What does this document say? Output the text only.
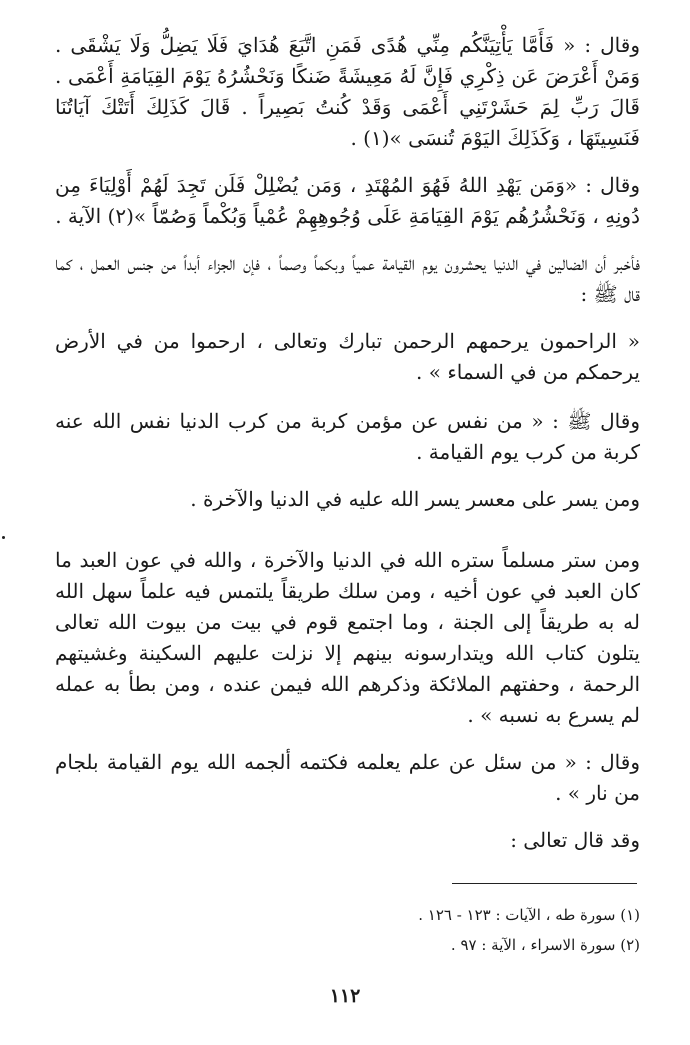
وقال : « فَأَمَّا يَأْتِيَنَّكُم مِنِّي هُدًى فَمَنِ اتَّبَعَ هُدَايَ فَلَا يَضِلُّ وَلَا يَشْقَى . وَمَنْ أَعْرَضَ عَن ذِكْرِي فَإِنَّ لَهُ مَعِيشَةً ضَنكًا وَنَحْشُرُهُ يَوْمَ القِيَامَةِ أَعْمَى . قَالَ رَبِّ لِمَ حَشَرْتَنِي أَعْمَى وَقَدْ كُنتُ بَصِيراً . قَالَ كَذَلِكَ أَتَتْكَ آيَاتُنَا فَنَسِيتَهَا ، وَكَذَلِكَ اليَوْمَ تُنسَى »(١) .

وقال : «وَمَن يَهْدِ اللهُ فَهُوَ المُهْتَدِ ، وَمَن يُضْلِلْ فَلَن تَجِدَ لَهُمْ أَوْلِيَاءَ مِن دُونِهِ ، وَنَحْشُرُهُم يَوْمَ القِيَامَةِ عَلَى وُجُوهِهِمْ عُمْياً وَبُكْماً وَصُمّاً »(٢) الآية .

فأخبر أن الضالين في الدنيا يحشرون يوم القيامة عمياً وبكماً وصماً ، فإن الجزاء أبداً من جنس العمل ، كما قال ﷺ :

« الراحمون يرحمهم الرحمن تبارك وتعالى ، ارحموا من في الأرض يرحمكم من في السماء » .

وقال ﷺ : « من نفس عن مؤمن كربة من كرب الدنيا نفس الله عنه كربة من كرب يوم القيامة .

ومن يسر على معسر يسر الله عليه في الدنيا والآخرة .

ومن ستر مسلماً ستره الله في الدنيا والآخرة ، والله في عون العبد ما كان العبد في عون أخيه ، ومن سلك طريقاً يلتمس فيه علماً سهل الله له به طريقاً إلى الجنة ، وما اجتمع قوم في بيت من بيوت الله تعالى يتلون كتاب الله ويتدارسونه بينهم إلا نزلت عليهم السكينة وغشيتهم الرحمة ، وحفتهم الملائكة وذكرهم الله فيمن عنده ، ومن بطأ به عمله لم يسرع به نسبه » .

وقال : « من سئل عن علم يعلمه فكتمه ألجمه الله يوم القيامة بلجام من نار » .

وقد قال تعالى :

(١) سورة طه ، الآيات : ١٢٣ - ١٢٦ .

(٢) سورة الاسراء ، الآية : ٩٧ .

١١٢
